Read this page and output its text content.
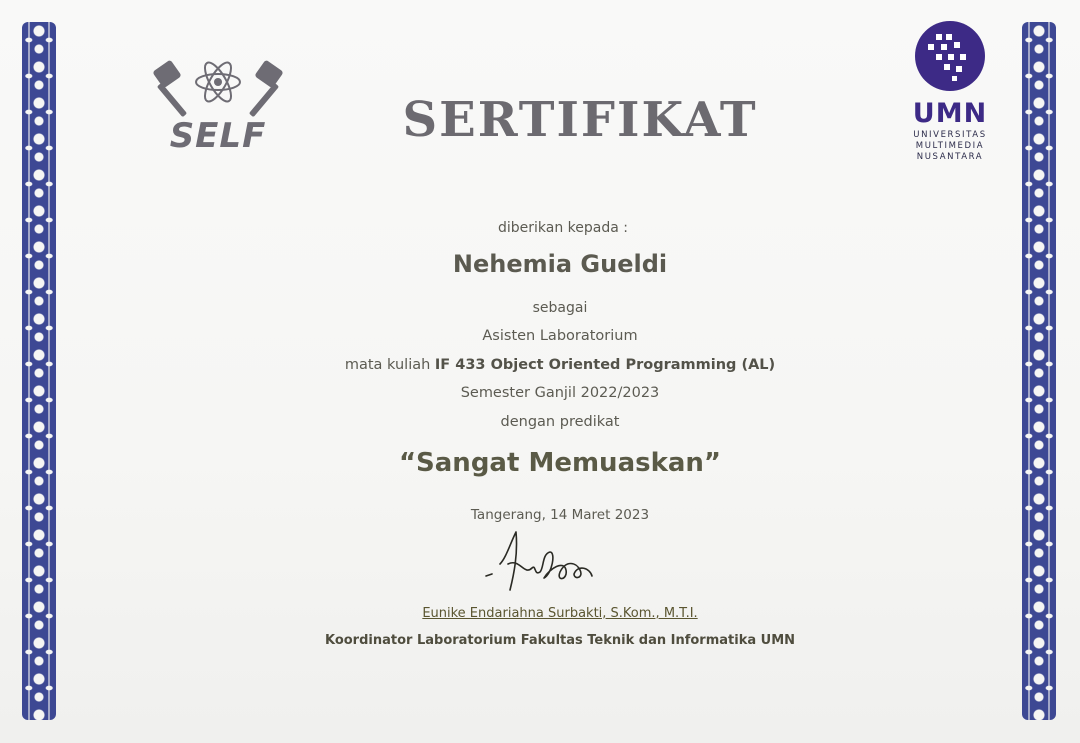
SELF
UMN
UNIVERSITAS
MULTIMEDIA
NUSANTARA
SERTIFIKAT
diberikan kepada :
Nehemia Gueldi
sebagai
Asisten Laboratorium
mata kuliah IF 433 Object Oriented Programming (AL)
Semester Ganjil 2022/2023
dengan predikat
“Sangat Memuaskan”
Tangerang, 14 Maret 2023
Eunike Endariahna Surbakti, S.Kom., M.T.I.
Koordinator Laboratorium Fakultas Teknik dan Informatika UMN
